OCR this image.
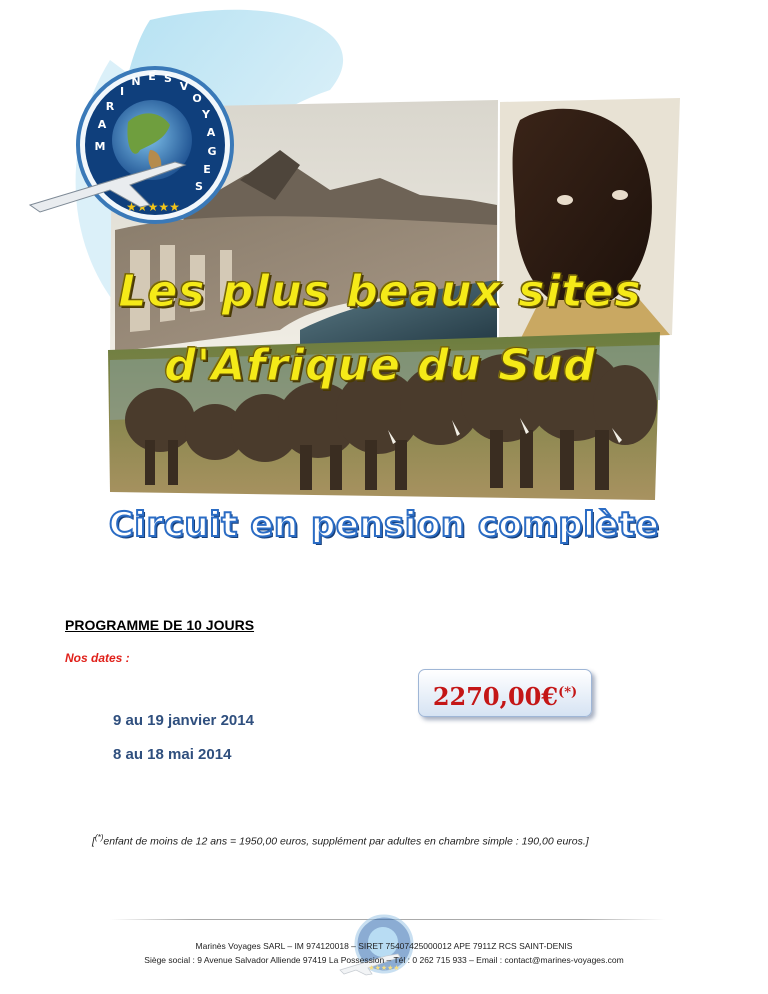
M
A
R
I
N E S
V
O
Y
A
G
E
S
★★★★★
Les plus beaux sites
d'Afrique du Sud
Circuit en pension complète
PROGRAMME DE 10 JOURS
Nos dates :
9 au 19 janvier 2014
8 au 18 mai 2014
2270,00€(*)
[(*)enfant de moins de 12 ans = 1950,00 euros, supplément par adultes en chambre simple : 190,00 euros.]
★★★★★
Marinès Voyages SARL – IM 974120018 – SIRET 75407425000012 APE 7911Z RCS SAINT-DENIS
Siège social : 9 Avenue Salvador Alliende 97419 La Possession – Tél : 0 262 715 933 – Email : contact@marines-voyages.com
